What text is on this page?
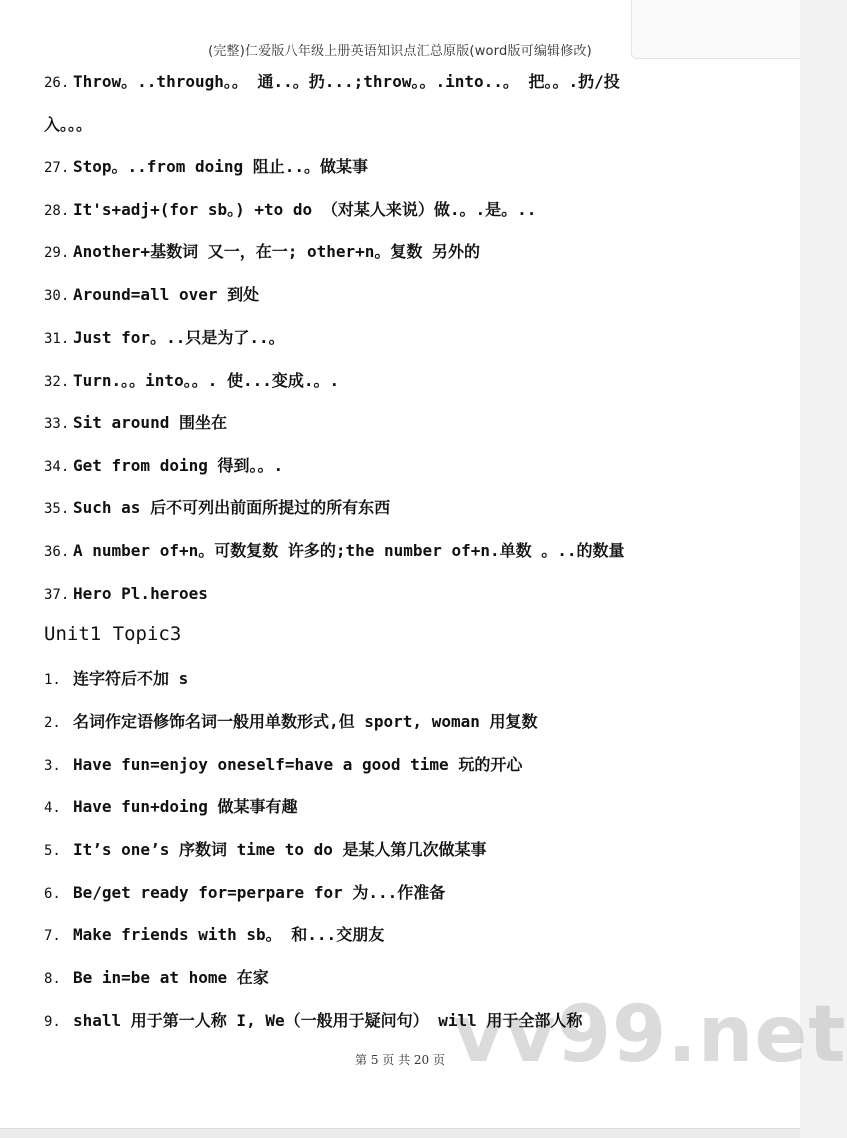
(完整)仁爱版八年级上册英语知识点汇总原版(word版可编辑修改)
26. Throw。..through。。 通..。扔...;throw。。.into..。 把。。.扔/投
入。。。
27. Stop。..from doing 阻止..。做某事
28. It's+adj+(for sb。) +to do （对某人来说）做.。.是。..
29. Another+基数词 又一，在一; other+n。复数 另外的
30. Around=all over 到处
31. Just for。..只是为了..。
32. Turn.。。into。。. 使...变成.。.
33. Sit around 围坐在
34. Get from doing 得到。。.
35. Such as 后不可列出前面所提过的所有东西
36. A number of+n。可数复数 许多的;the number of+n.单数 。..的数量
37. Hero Pl.heroes
Unit1 Topic3
1. 连字符后不加 s
2. 名词作定语修饰名词一般用单数形式,但 sport, woman 用复数
3. Have fun=enjoy oneself=have a good time 玩的开心
4. Have fun+doing 做某事有趣
5. It’s one’s 序数词 time to do 是某人第几次做某事
6. Be/get ready for=perpare for 为...作准备
7. Make friends with sb。 和...交朋友
8. Be in=be at home 在家
vv99.net
9. shall 用于第一人称 I, We（一般用于疑问句） will 用于全部人称
第 5 页 共 20 页
